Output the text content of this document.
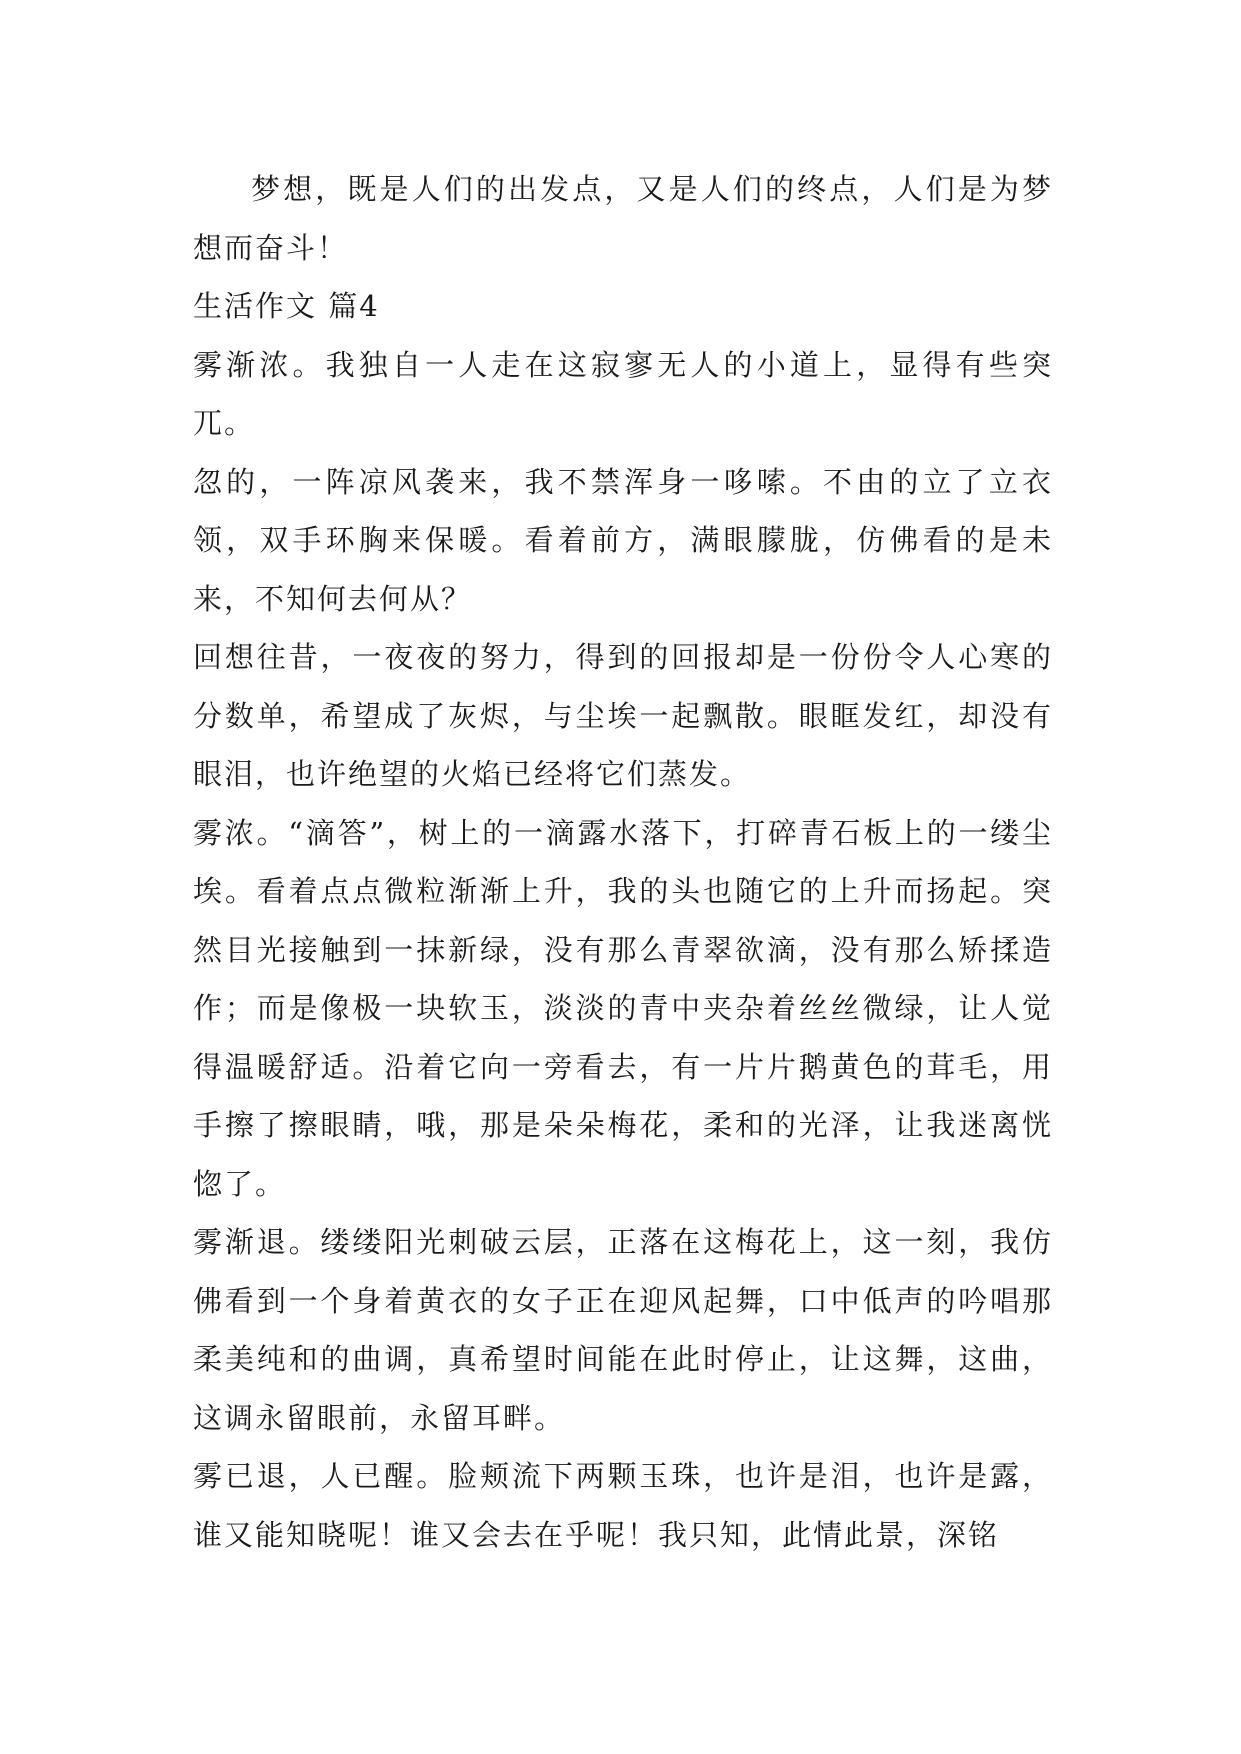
梦想，既是人们的出发点，又是人们的终点，人们是为梦想而奋斗！

生活作文 篇4

雾渐浓。我独自一人走在这寂寥无人的小道上，显得有些突兀。

忽的，一阵凉风袭来，我不禁浑身一哆嗦。不由的立了立衣领，双手环胸来保暖。看着前方，满眼朦胧，仿佛看的是未来，不知何去何从？

回想往昔，一夜夜的努力，得到的回报却是一份份令人心寒的分数单，希望成了灰烬，与尘埃一起飘散。眼眶发红，却没有眼泪，也许绝望的火焰已经将它们蒸发。

雾浓。“滴答”，树上的一滴露水落下，打碎青石板上的一缕尘埃。看着点点微粒渐渐上升，我的头也随它的上升而扬起。突然目光接触到一抹新绿，没有那么青翠欲滴，没有那么矫揉造作；而是像极一块软玉，淡淡的青中夹杂着丝丝微绿，让人觉得温暖舒适。沿着它向一旁看去，有一片片鹅黄色的茸毛，用手擦了擦眼睛，哦，那是朵朵梅花，柔和的光泽，让我迷离恍惚了。

雾渐退。缕缕阳光刺破云层，正落在这梅花上，这一刻，我仿佛看到一个身着黄衣的女子正在迎风起舞，口中低声的吟唱那柔美纯和的曲调，真希望时间能在此时停止，让这舞，这曲，这调永留眼前，永留耳畔。

雾已退，人已醒。脸颊流下两颗玉珠，也许是泪，也许是露，谁又能知晓呢！谁又会去在乎呢！我只知，此情此景，深铭
